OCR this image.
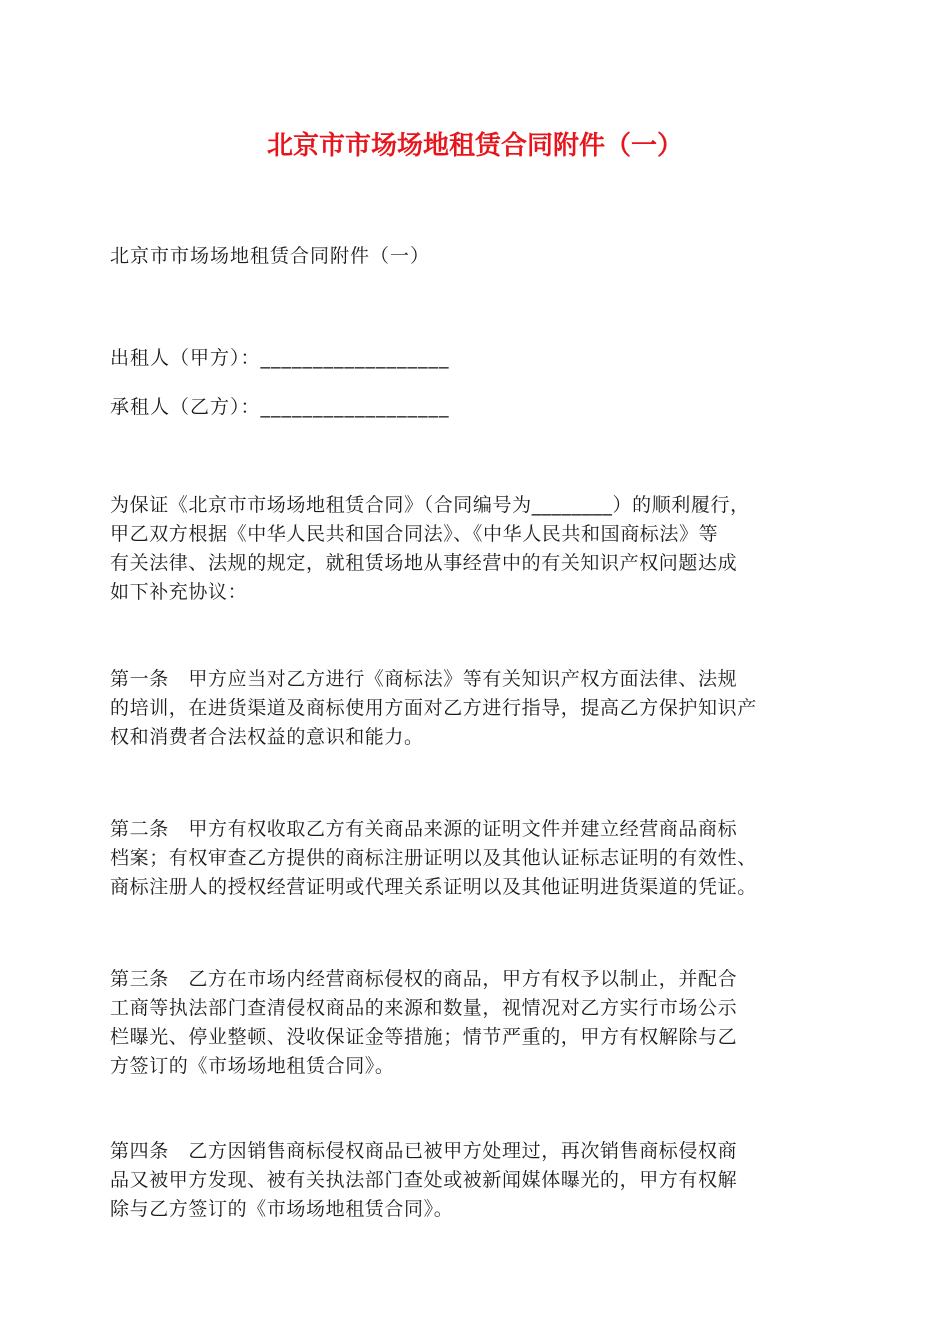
北京市市场场地租赁合同附件（一）

北京市市场场地租赁合同附件（一）

出租人（甲方）：__________________

承租人（乙方）：__________________

为保证《北京市市场场地租赁合同》（合同编号为________）的顺利履行，
甲乙双方根据《中华人民共和国合同法》、《中华人民共和国商标法》等
有关法律、法规的规定，就租赁场地从事经营中的有关知识产权问题达成
如下补充协议：
第一条　甲方应当对乙方进行《商标法》等有关知识产权方面法律、法规
的培训，在进货渠道及商标使用方面对乙方进行指导，提高乙方保护知识产
权和消费者合法权益的意识和能力。
第二条　甲方有权收取乙方有关商品来源的证明文件并建立经营商品商标
档案；有权审查乙方提供的商标注册证明以及其他认证标志证明的有效性、
商标注册人的授权经营证明或代理关系证明以及其他证明进货渠道的凭证。
第三条　乙方在市场内经营商标侵权的商品，甲方有权予以制止，并配合
工商等执法部门查清侵权商品的来源和数量，视情况对乙方实行市场公示
栏曝光、停业整顿、没收保证金等措施；情节严重的，甲方有权解除与乙
方签订的《市场场地租赁合同》。
第四条　乙方因销售商标侵权商品已被甲方处理过，再次销售商标侵权商
品又被甲方发现、被有关执法部门查处或被新闻媒体曝光的，甲方有权解
除与乙方签订的《市场场地租赁合同》。
